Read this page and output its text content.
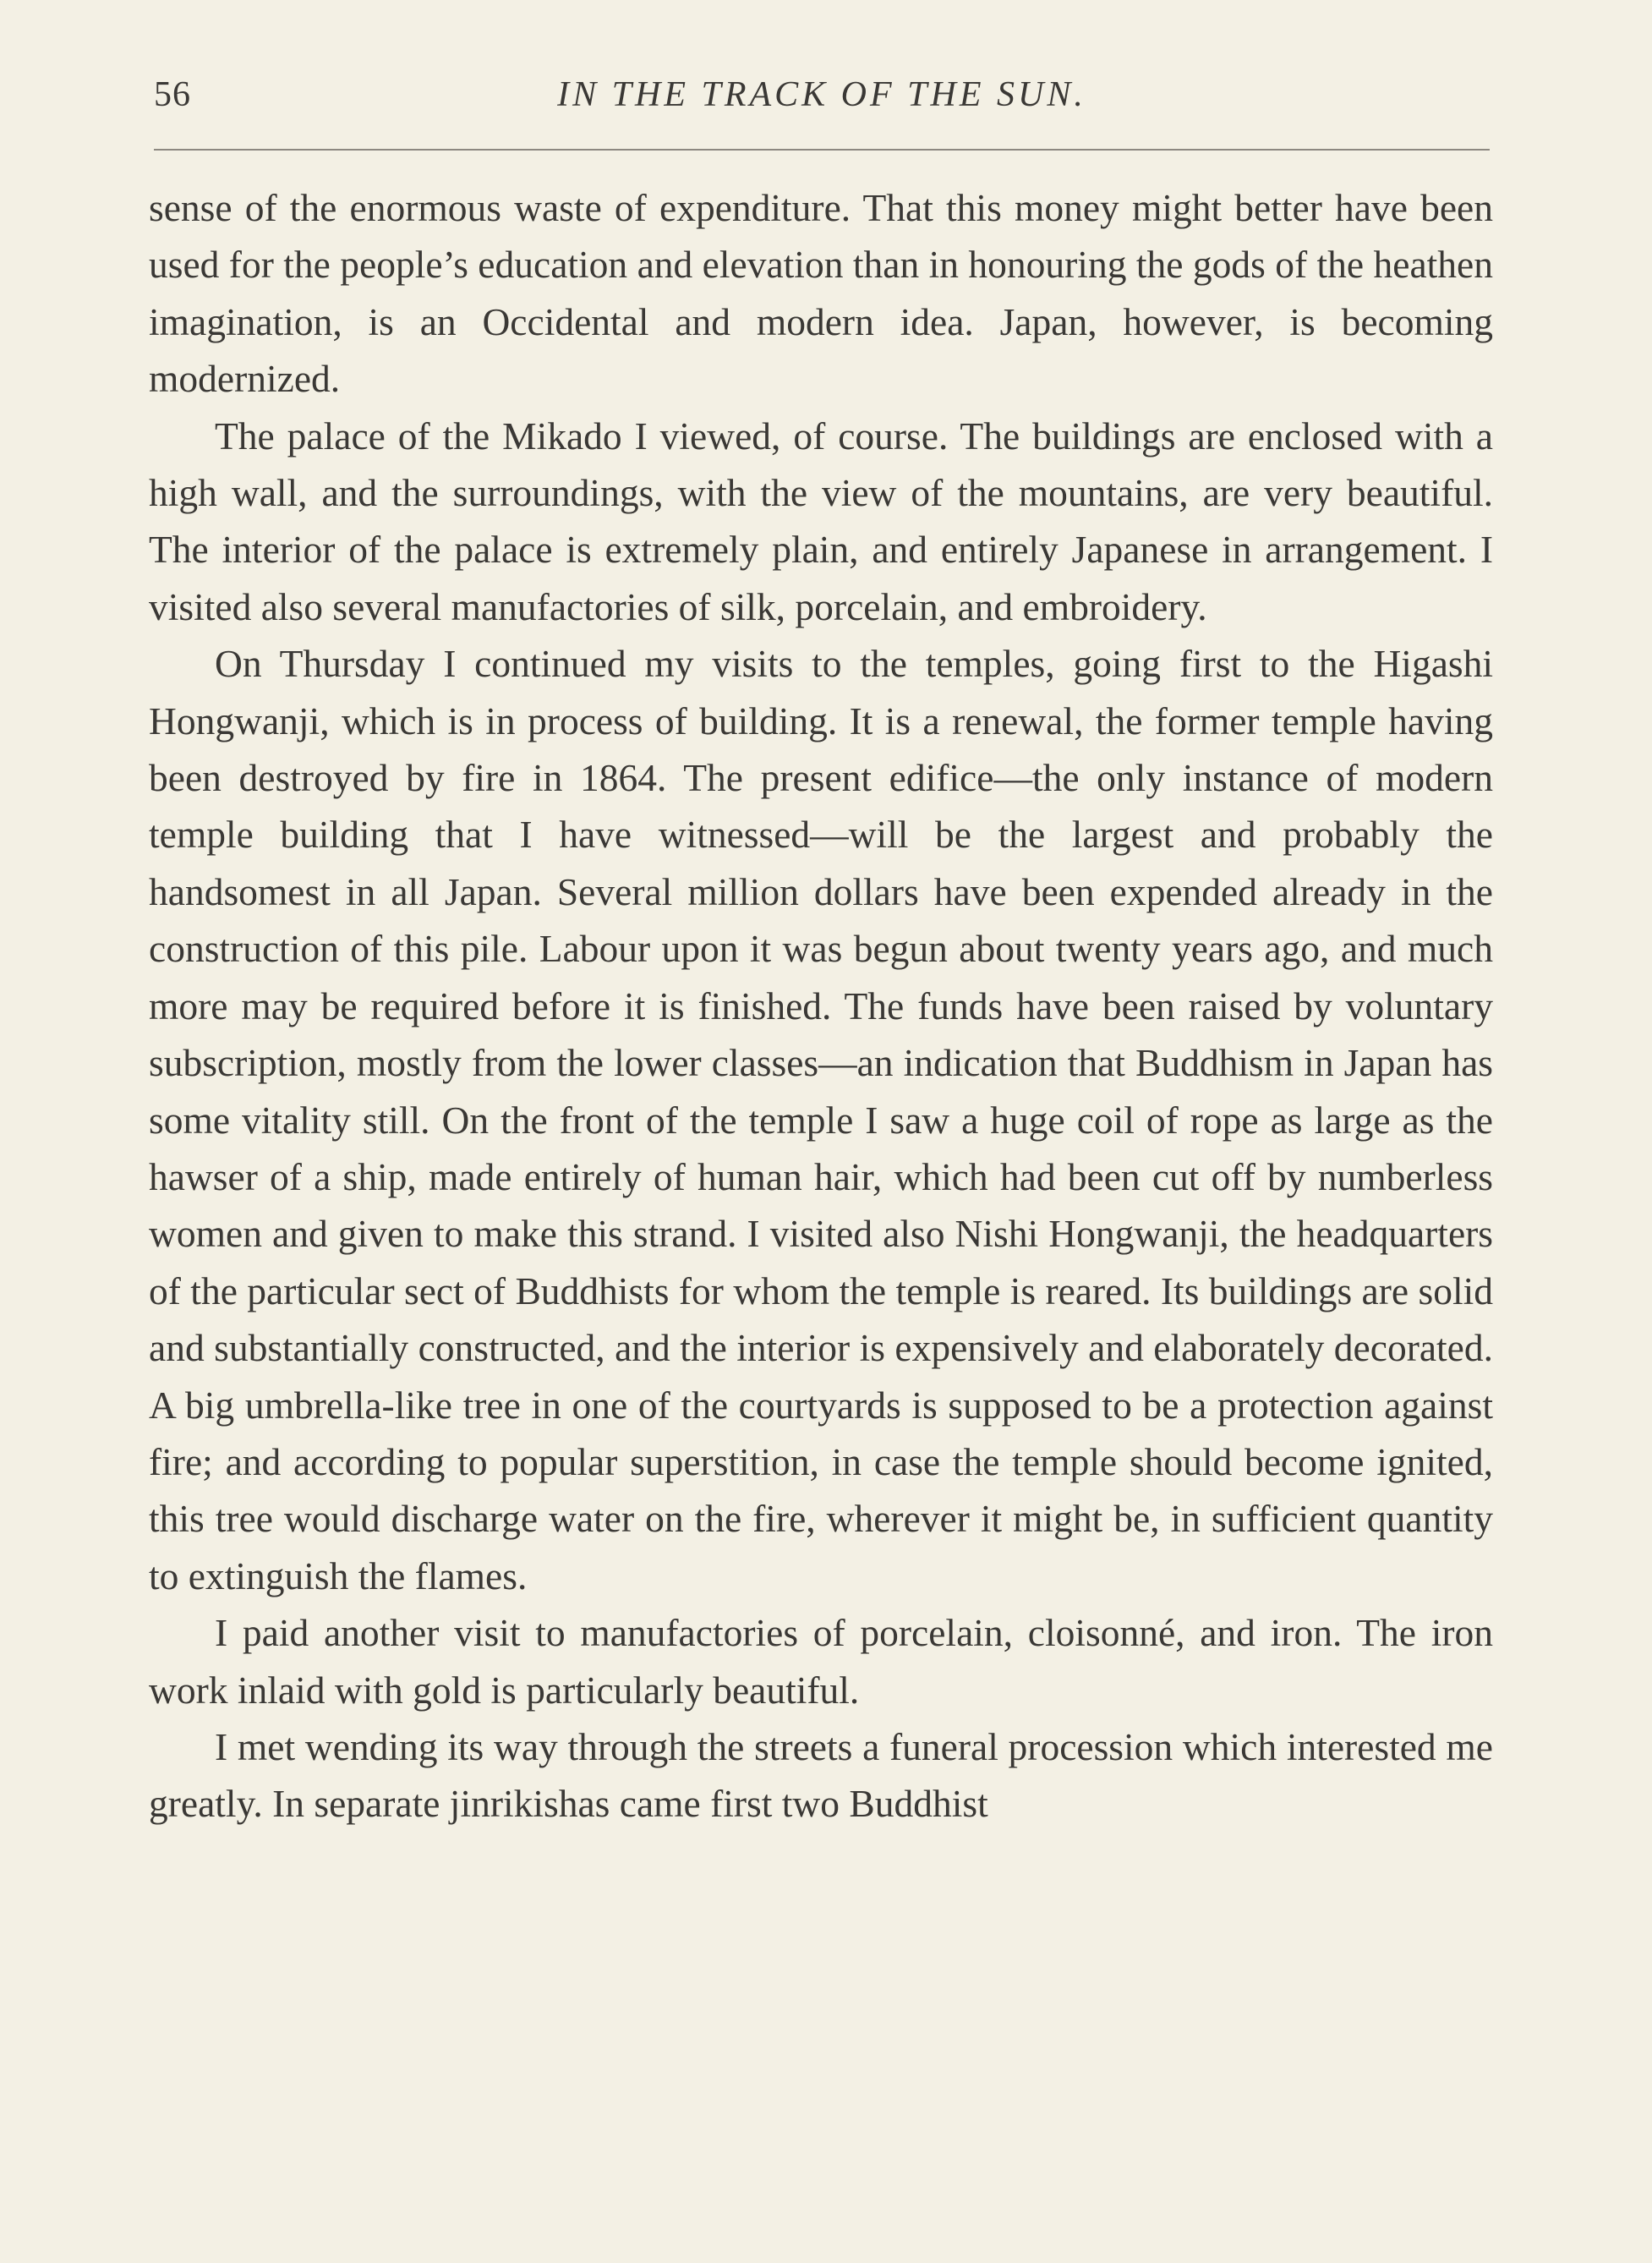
56	IN THE TRACK OF THE SUN.

sense of the enormous waste of expenditure. That this money might better have been used for the people’s education and elevation than in honouring the gods of the heathen imagination, is an Occidental and modern idea. Japan, however, is becoming modernized.

The palace of the Mikado I viewed, of course. The buildings are enclosed with a high wall, and the surroundings, with the view of the mountains, are very beautiful. The interior of the palace is extremely plain, and entirely Japanese in arrangement. I visited also several manufactories of silk, porcelain, and embroidery.

On Thursday I continued my visits to the temples, going first to the Higashi Hongwanji, which is in process of building. It is a renewal, the former temple having been destroyed by fire in 1864. The present edifice—the only instance of modern temple building that I have witnessed—will be the largest and probably the handsomest in all Japan. Several million dollars have been expended already in the construction of this pile. Labour upon it was begun about twenty years ago, and much more may be required before it is finished. The funds have been raised by voluntary subscription, mostly from the lower classes—an indication that Buddhism in Japan has some vitality still. On the front of the temple I saw a huge coil of rope as large as the hawser of a ship, made entirely of human hair, which had been cut off by numberless women and given to make this strand. I visited also Nishi Hongwanji, the headquarters of the particular sect of Buddhists for whom the temple is reared. Its buildings are solid and substantially constructed, and the interior is expensively and elaborately decorated. A big umbrella-like tree in one of the courtyards is supposed to be a protection against fire; and according to popular superstition, in case the temple should become ignited, this tree would discharge water on the fire, wherever it might be, in sufficient quantity to extinguish the flames.

I paid another visit to manufactories of porcelain, cloisonné, and iron. The iron work inlaid with gold is particularly beautiful.

I met wending its way through the streets a funeral procession which interested me greatly. In separate jinrikishas came first two Buddhist
